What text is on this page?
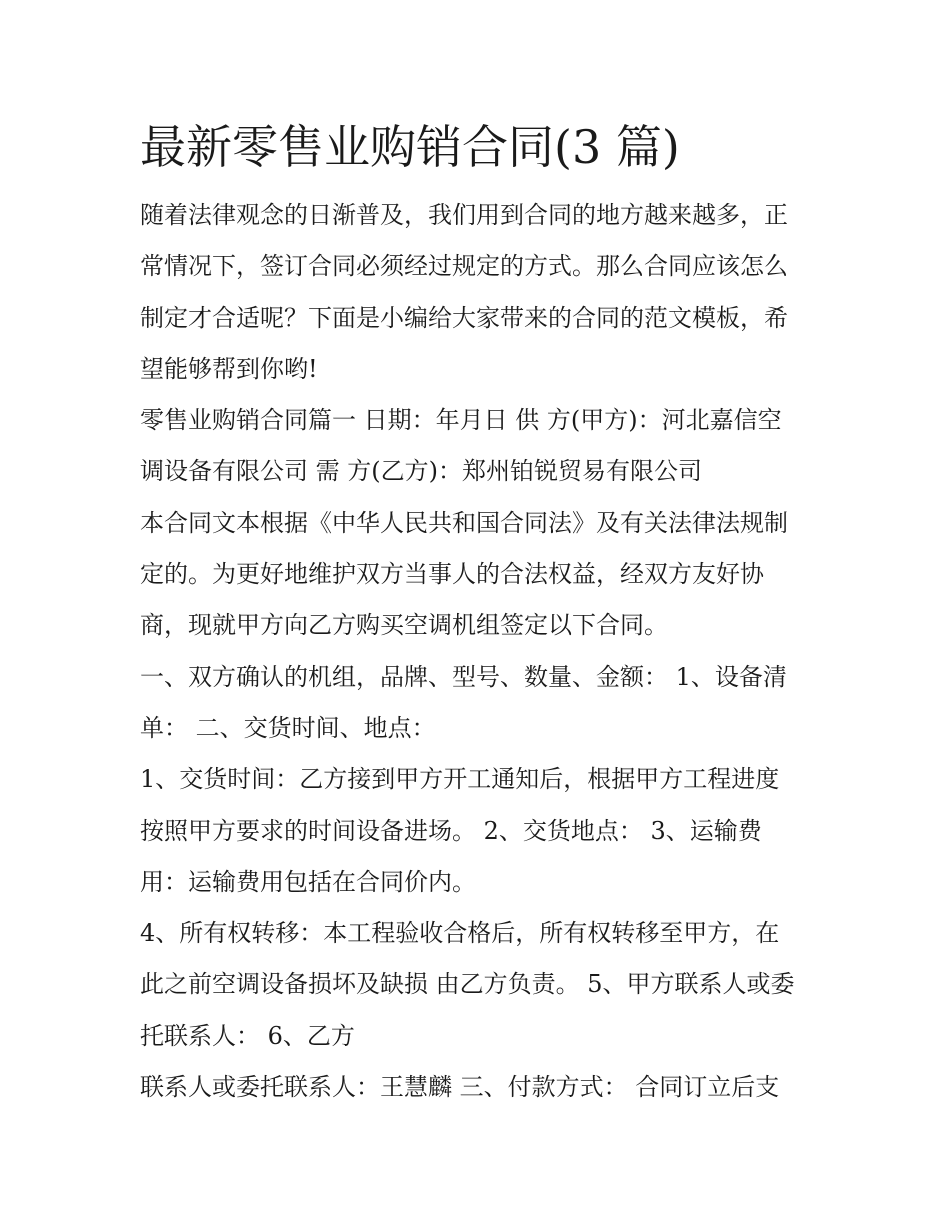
最新零售业购销合同(3 篇)

随着法律观念的日渐普及，我们用到合同的地方越来越多，正

常情况下，签订合同必须经过规定的方式。那么合同应该怎么

制定才合适呢？下面是小编给大家带来的合同的范文模板，希

望能够帮到你哟!

零售业购销合同篇一 日期：年月日 供 方(甲方)：河北嘉信空

调设备有限公司 需 方(乙方)：郑州铂锐贸易有限公司

本合同文本根据《中华人民共和国合同法》及有关法律法规制

定的。为更好地维护双方当事人的合法权益，经双方友好协

商，现就甲方向乙方购买空调机组签定以下合同。

一、双方确认的机组，品牌、型号、数量、金额： 1、设备清

单： 二、交货时间、地点：

1、交货时间：乙方接到甲方开工通知后，根据甲方工程进度

按照甲方要求的时间设备进场。 2、交货地点： 3、运输费

用：运输费用包括在合同价内。

4、所有权转移：本工程验收合格后，所有权转移至甲方，在

此之前空调设备损坏及缺损 由乙方负责。 5、甲方联系人或委

托联系人： 6、乙方

联系人或委托联系人：王慧麟 三、付款方式： 合同订立后支
